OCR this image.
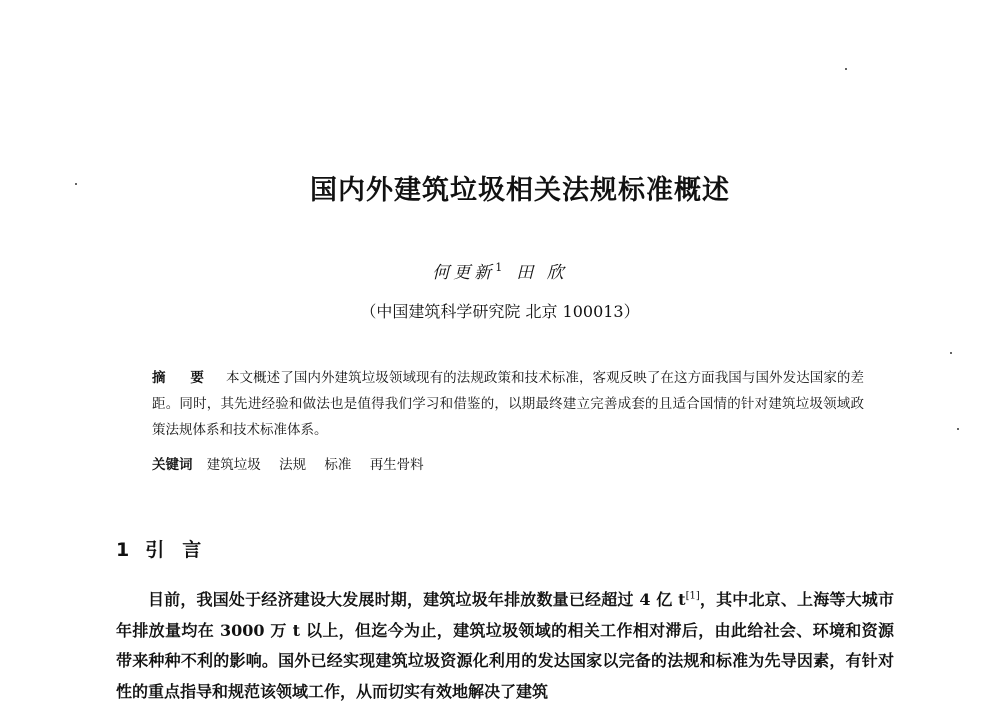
国内外建筑垃圾相关法规标准概述
何更新$^1$ 田 欣
（中国建筑科学研究院 北京 100013）
摘 要 本文概述了国内外建筑垃圾领域现有的法规政策和技术标准，客观反映了在这方面我国与国外发达国家的差距。同时，其先进经验和做法也是值得我们学习和借鉴的，以期最终建立完善成套的且适合国情的针对建筑垃圾领域政策法规体系和技术标准体系。
关键词 建筑垃圾 法规 标准 再生骨料
1 引言
目前，我国处于经济建设大发展时期，建筑垃圾年排放数量已经超过 4 亿 t[1]，其中北京、上海等大城市年排放量均在 3000 万 t 以上，但迄今为止，建筑垃圾领域的相关工作相对滞后，由此给社会、环境和资源带来种种不利的影响。国外已经实现建筑垃圾资源化利用的发达国家以完备的法规和标准为先导因素，有针对性的重点指导和规范该领域工作，从而切实有效地解决了建筑
